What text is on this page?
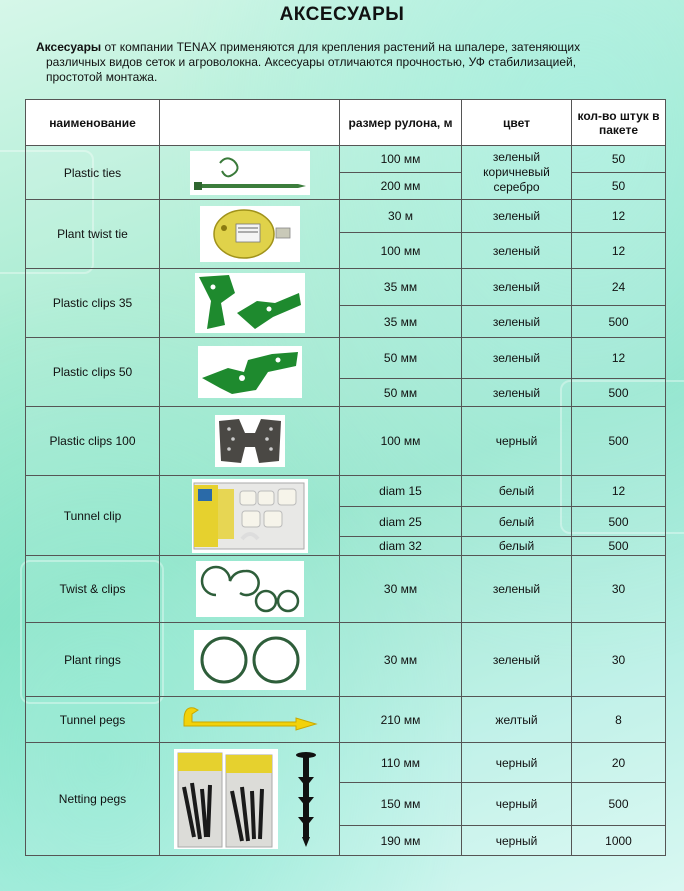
АКСЕСУАРЫ
Аксесуары от компании TENAX применяются для крепления растений на шпалере, затеняющих
различных видов сеток и агроволокна. Аксесуары отличаются прочностью, УФ стабилизацией,
простотой монтажа.
наименование		размер рулона, м	цвет	кол-во штук в пакете
Plastic ties		100 мм	зеленый коричневый серебро	50
		200 мм		50
Plant twist tie		30 м	зеленый	12
		100 мм	зеленый	12
Plastic clips 35		35 мм	зеленый	24
		35 мм	зеленый	500
Plastic clips 50		50 мм	зеленый	12
		50 мм	зеленый	500
Plastic clips 100		100 мм	черный	500
Tunnel clip		diam 15	белый	12
		diam 25	белый	500
		diam 32	белый	500
Twist & clips		30 мм	зеленый	30
Plant rings		30 мм	зеленый	30
Tunnel pegs		210 мм	желтый	8
Netting pegs		110 мм	черный	20
		150 мм	черный	500
		190 мм	черный	1000
